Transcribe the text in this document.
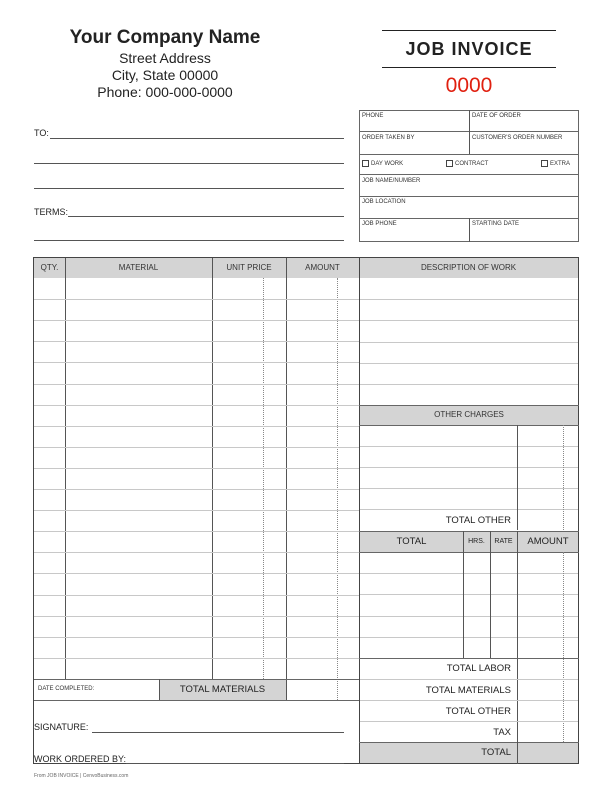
Your Company Name
Street Address
City, State 00000
Phone: 000-000-0000
JOB INVOICE
0000
TO:
TERMS:
PHONE	DATE OF ORDER
ORDER TAKEN BY	CUSTOMER'S ORDER NUMBER
DAY WORK	CONTRACT	EXTRA
JOB NAME/NUMBER
JOB LOCATION
JOB PHONE	STARTING DATE
QTY.	MATERIAL	UNIT PRICE	AMOUNT	DESCRIPTION OF WORK
DATE COMPLETED:	TOTAL MATERIALS
OTHER CHARGES
TOTAL OTHER
TOTAL	HRS.	RATE	AMOUNT
TOTAL LABOR
TOTAL MATERIALS
TOTAL OTHER
TAX
TOTAL
SIGNATURE:
WORK ORDERED BY:
From JOB INVOICE | CenvoBusiness.com
